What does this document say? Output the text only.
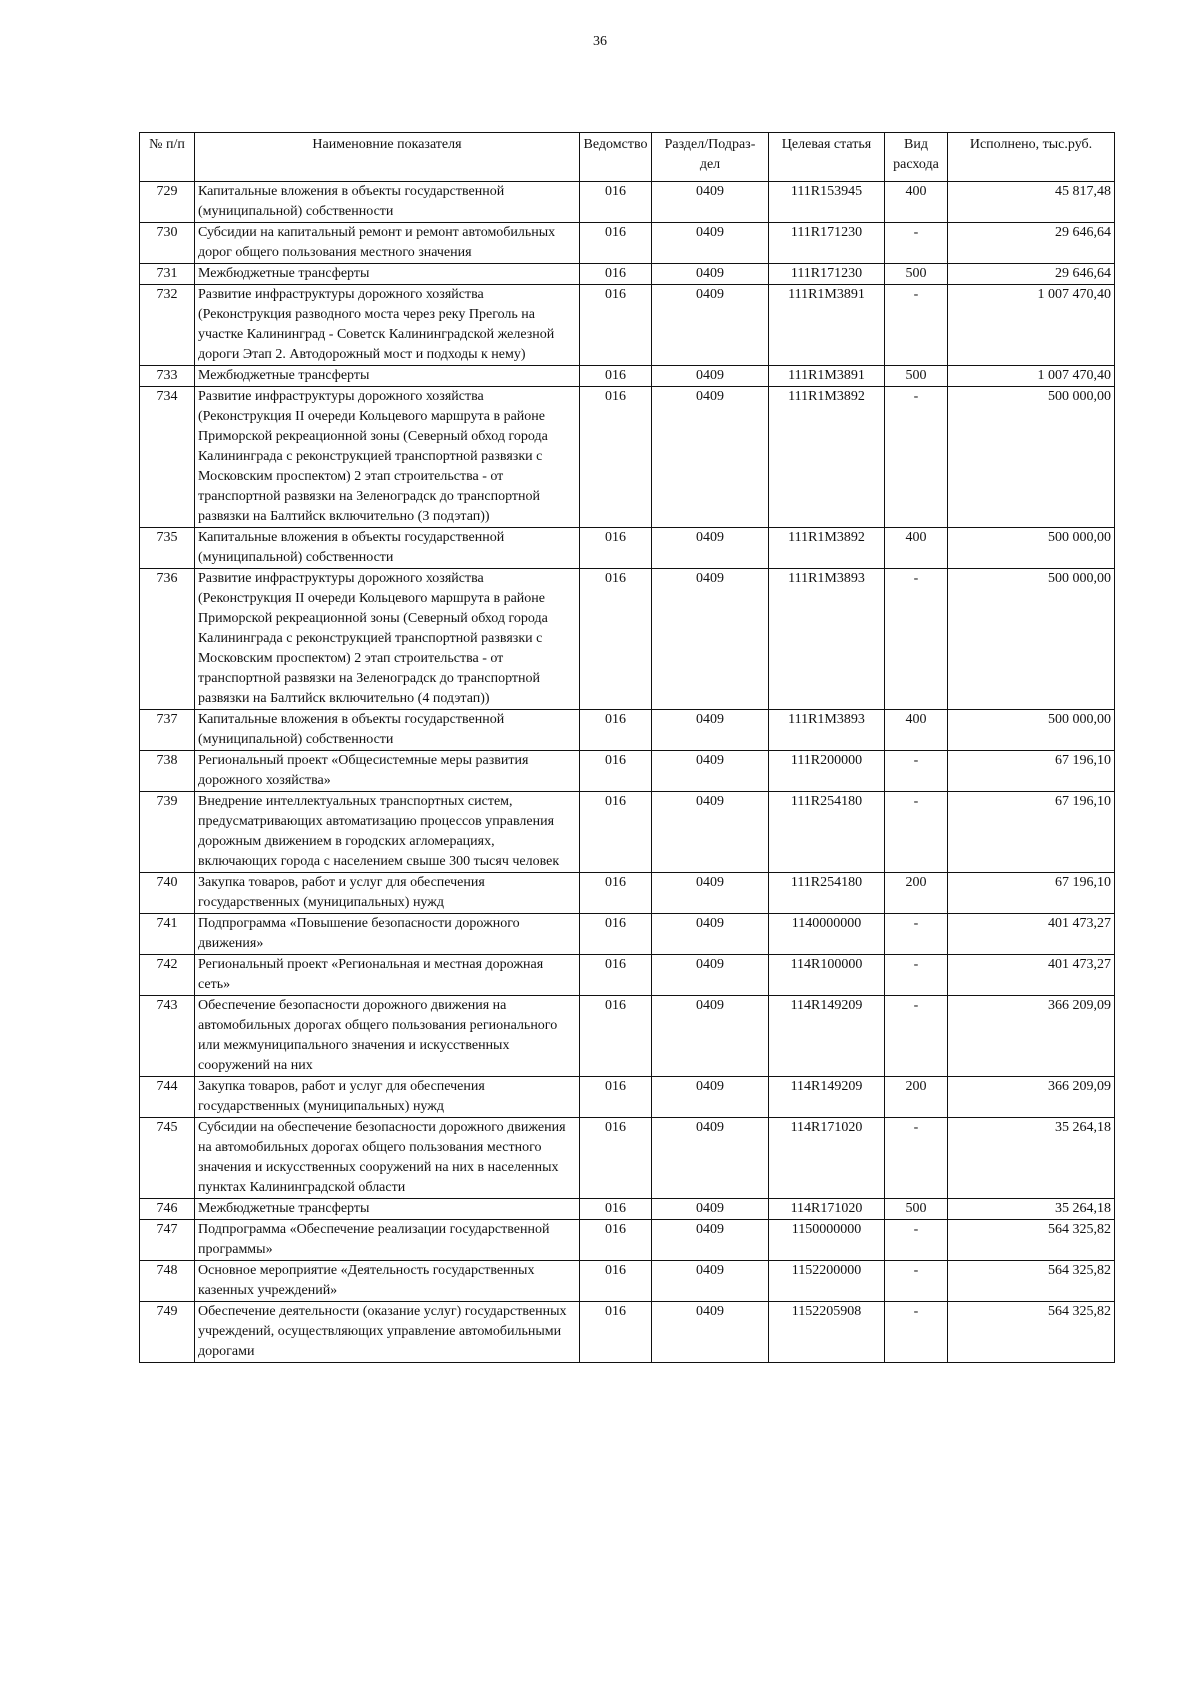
36
№ п/п	Наименовние показателя	Ведомство	Раздел/Подраз-дел	Целевая статья	Вид расхода	Исполнено, тыс.руб.
729	Капитальные вложения в объекты государственной (муниципальной) собственности	016	0409	111R153945	400	45 817,48
730	Субсидии на капитальный ремонт и ремонт автомобильных дорог общего пользования местного значения	016	0409	111R171230	-	29 646,64
731	Межбюджетные трансферты	016	0409	111R171230	500	29 646,64
732	Развитие инфраструктуры дорожного хозяйства (Реконструкция разводного моста через реку Преголь на участке Калининград - Советск Калининградской железной дороги Этап 2. Автодорожный мост и подходы к нему)	016	0409	111R1M3891	-	1 007 470,40
733	Межбюджетные трансферты	016	0409	111R1M3891	500	1 007 470,40
734	Развитие инфраструктуры дорожного хозяйства (Реконструкция II очереди Кольцевого маршрута в районе Приморской рекреационной зоны (Северный обход города Калининграда с реконструкцией транспортной развязки с Московским проспектом) 2 этап строительства - от транспортной развязки на Зеленоградск до транспортной развязки на Балтийск включительно (3 подэтап))	016	0409	111R1M3892	-	500 000,00
735	Капитальные вложения в объекты государственной (муниципальной) собственности	016	0409	111R1M3892	400	500 000,00
736	Развитие инфраструктуры дорожного хозяйства (Реконструкция II очереди Кольцевого маршрута в районе Приморской рекреационной зоны (Северный обход города Калининграда с реконструкцией транспортной развязки с Московским проспектом) 2 этап строительства - от транспортной развязки на Зеленоградск до транспортной развязки на Балтийск включительно (4 подэтап))	016	0409	111R1M3893	-	500 000,00
737	Капитальные вложения в объекты государственной (муниципальной) собственности	016	0409	111R1M3893	400	500 000,00
738	Региональный проект «Общесистемные меры развития дорожного хозяйства»	016	0409	111R200000	-	67 196,10
739	Внедрение интеллектуальных транспортных систем, предусматривающих автоматизацию процессов управления дорожным движением в городских агломерациях, включающих города с населением свыше 300 тысяч человек	016	0409	111R254180	-	67 196,10
740	Закупка товаров, работ и услуг для обеспечения государственных (муниципальных) нужд	016	0409	111R254180	200	67 196,10
741	Подпрограмма «Повышение безопасности дорожного движения»	016	0409	1140000000	-	401 473,27
742	Региональный проект «Региональная и местная дорожная сеть»	016	0409	114R100000	-	401 473,27
743	Обеспечение безопасности дорожного движения на автомобильных дорогах общего пользования регионального или межмуниципального значения и искусственных сооружений на них	016	0409	114R149209	-	366 209,09
744	Закупка товаров, работ и услуг для обеспечения государственных (муниципальных) нужд	016	0409	114R149209	200	366 209,09
745	Субсидии на обеспечение безопасности дорожного движения на автомобильных дорогах общего пользования местного значения и искусственных сооружений на них в населенных пунктах Калининградской области	016	0409	114R171020	-	35 264,18
746	Межбюджетные трансферты	016	0409	114R171020	500	35 264,18
747	Подпрограмма «Обеспечение реализации государственной программы»	016	0409	1150000000	-	564 325,82
748	Основное мероприятие «Деятельность государственных казенных учреждений»	016	0409	1152200000	-	564 325,82
749	Обеспечение деятельности (оказание услуг) государственных учреждений, осуществляющих управление автомобильными дорогами	016	0409	1152205908	-	564 325,82
